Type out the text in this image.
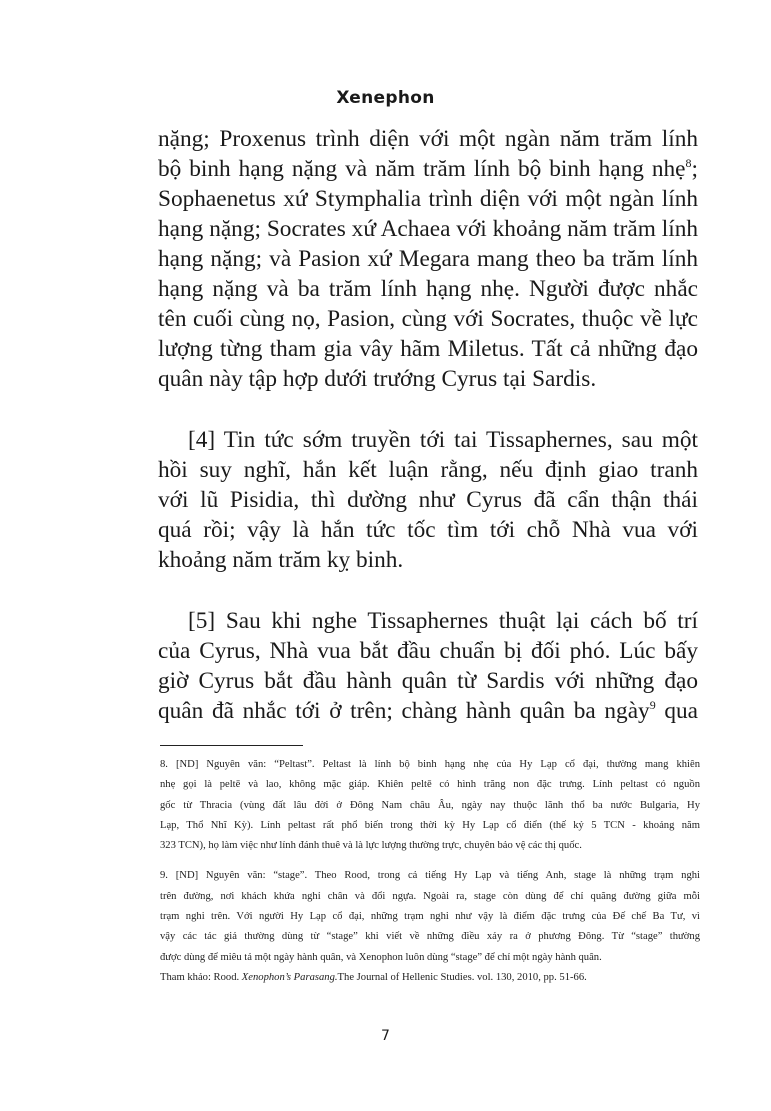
Xenephon

nặng; Proxenus trình diện với một ngàn năm trăm lính
bộ binh hạng nặng và năm trăm lính bộ binh hạng nhẹ$^8$;
Sophaenetus xứ Stymphalia trình diện với một ngàn lính
hạng nặng; Socrates xứ Achaea với khoảng năm trăm lính
hạng nặng; và Pasion xứ Megara mang theo ba trăm lính
hạng nặng và ba trăm lính hạng nhẹ. Người được nhắc
tên cuối cùng nọ, Pasion, cùng với Socrates, thuộc về lực
lượng từng tham gia vây hãm Miletus. Tất cả những đạo
quân này tập hợp dưới trướng Cyrus tại Sardis.

[4] Tin tức sớm truyền tới tai Tissaphernes, sau một
hồi suy nghĩ, hắn kết luận rằng, nếu định giao tranh
với lũ Pisidia, thì dường như Cyrus đã cẩn thận thái
quá rồi; vậy là hắn tức tốc tìm tới chỗ Nhà vua với
khoảng năm trăm kỵ binh.

[5] Sau khi nghe Tissaphernes thuật lại cách bố trí
của Cyrus, Nhà vua bắt đầu chuẩn bị đối phó. Lúc bấy
giờ Cyrus bắt đầu hành quân từ Sardis với những đạo
quân đã nhắc tới ở trên; chàng hành quân ba ngày$^9$ qua

8. [ND] Nguyên văn: “Peltast”. Peltast là lính bộ binh hạng nhẹ của Hy Lạp cổ đại, thường mang khiên
nhẹ gọi là peltē và lao, không mặc giáp. Khiên peltē có hình trăng non đặc trưng. Lính peltast có nguồn
gốc từ Thracia (vùng đất lâu đời ở Đông Nam châu Âu, ngày nay thuộc lãnh thổ ba nước Bulgaria, Hy
Lạp, Thổ Nhĩ Kỳ). Lính peltast rất phổ biến trong thời kỳ Hy Lạp cổ điển (thế kỷ 5 TCN - khoảng năm
323 TCN), họ làm việc như lính đánh thuê và là lực lượng thường trực, chuyên bảo vệ các thị quốc.

9. [ND] Nguyên văn: “stage”. Theo Rood, trong cả tiếng Hy Lạp và tiếng Anh, stage là những trạm nghi
trên đường, nơi khách khứa nghỉ chân và đổi ngựa. Ngoài ra, stage còn dùng để chỉ quãng đường giữa mỗi
trạm nghi trên. Với người Hy Lạp cổ đại, những trạm nghi như vậy là điểm đặc trưng của Đế chế Ba Tư, vì
vậy các tác giả thường dùng từ “stage” khi viết về những điều xảy ra ở phương Đông. Từ “stage” thường
được dùng để miêu tả một ngày hành quân, và Xenophon luôn dùng “stage” để chỉ một ngày hành quân.
Tham khảo: Rood. Xenophon’s Parasang.The Journal of Hellenic Studies. vol. 130, 2010, pp. 51-66.

7
